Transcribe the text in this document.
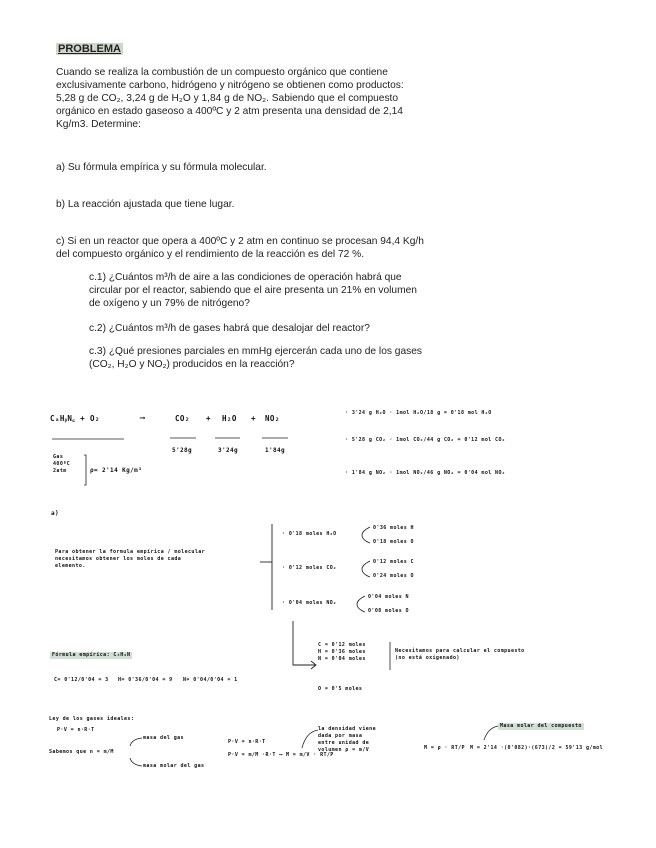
PROBLEMA
Cuando se realiza la combustión de un compuesto orgánico que contiene
exclusivamente carbono, hidrógeno y nitrógeno se obtienen como productos:
5,28 g de CO₂, 3,24 g de H₂O y 1,84 g de NO₂. Sabiendo que el compuesto
orgánico en estado gaseoso a 400ºC y 2 atm presenta una densidad de 2,14
Kg/m3. Determine:
a) Su fórmula empírica y su fórmula molecular.
b) La reacción ajustada que tiene lugar.
c) Si en un reactor que opera a 400ºC y 2 atm en continuo se procesan 94,4 Kg/h
del compuesto orgánico y el rendimiento de la reacción es del 72 %.
c.1) ¿Cuántos m³/h de aire a las condiciones de operación habrá que
circular por el reactor, sabiendo que el aire presenta un 21% en volumen
de oxígeno y un 79% de nitrógeno?
c.2) ¿Cuántos m³/h de gases habrá que desalojar del reactor?
c.3) ¿Qué presiones parciales en mmHg ejercerán cada uno de los gases
(CO₂, H₂O y NO₂) producidos en la reacción?
CₐHᵦN꜀ + O₂	⟶	CO₂ + H₂O + NO₂
5'28g	3'24g	1'84g
Gas
400ºC
2atm	ρ= 2'14 Kg/m³
· 3'24 g H₂O · 1mol H₂O/18 g = 0'18 mol H₂O
· 5'28 g CO₂ · 1mol CO₂/44 g CO₂ = 0'12 mol CO₂
· 1'84 g NO₂ · 1mol NO₂/46 g NO₂ = 0'04 mol NO₂
a)
Para obtener la formula empírica / molecular
necesitamos obtener los moles de cada
elemento.
· 0'18 moles H₂O
0'36 moles H
0'18 moles O
· 0'12 moles CO₂
0'12 moles C
0'24 moles O
· 0'04 moles NO₂
0'04 moles N
0'08 moles O
C = 0'12 moles
H = 0'36 moles
N = 0'04 moles
Necesitamos para calcular el compuesto
(no está oxigenado)
O = 0'5 moles
Fórmula empírica: C₃H₉N
C= 0'12/0'04 = 3 H= 0'36/0'04 = 9 N= 0'04/0'04 = 1
Ley de los gases ideales:
P·V = n·R·T
Sabemos que n = m/M
masa del gas
masa molar del gas
P·V = n·R·T
P·V = m/M ·R·T ⟶ M = m/V · RT/P
la densidad viene
dada por masa
entre unidad de
volumen ρ = m/V	M = ρ · RT/P
Masa molar del compuesto
M = 2'14 ·(0'082)·(673)/2 = 59'13 g/mol
